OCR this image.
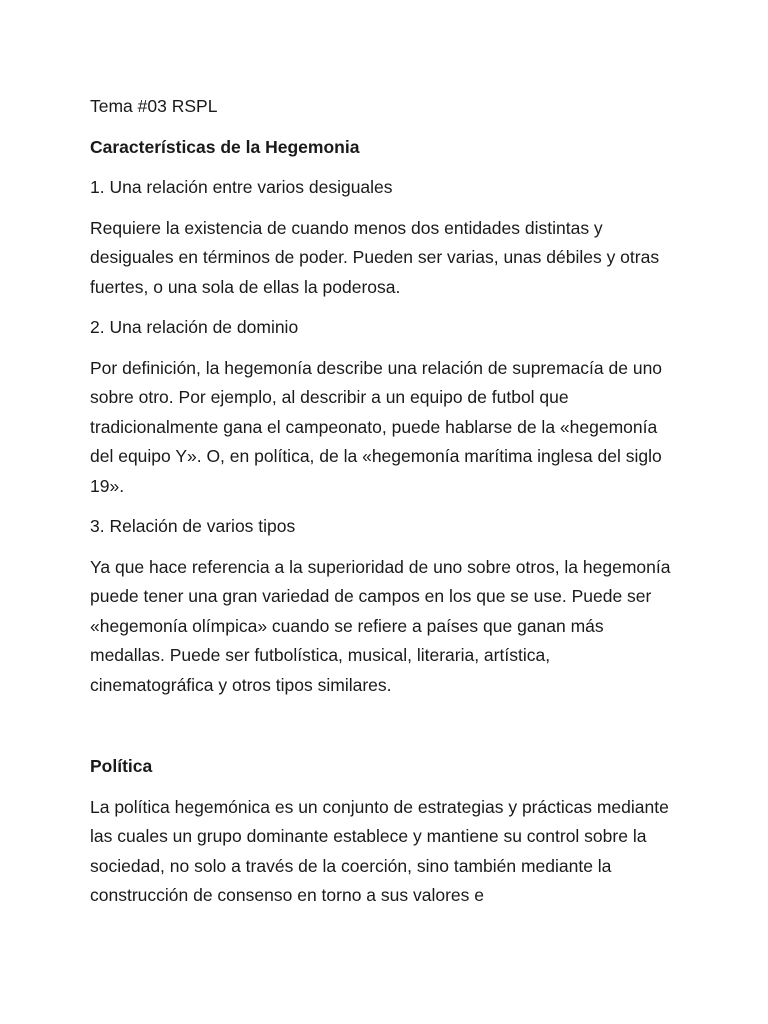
Tema #03 RSPL
Características de la Hegemonia
1. Una relación entre varios desiguales
Requiere la existencia de cuando menos dos entidades distintas y desiguales en términos de poder. Pueden ser varias, unas débiles y otras fuertes, o una sola de ellas la poderosa.
2. Una relación de dominio
Por definición, la hegemonía describe una relación de supremacía de uno sobre otro. Por ejemplo, al describir a un equipo de futbol que tradicionalmente gana el campeonato, puede hablarse de la «hegemonía del equipo Y». O, en política, de la «hegemonía marítima inglesa del siglo 19».
3. Relación de varios tipos
Ya que hace referencia a la superioridad de uno sobre otros, la hegemonía puede tener una gran variedad de campos en los que se use. Puede ser «hegemonía olímpica» cuando se refiere a países que ganan más medallas. Puede ser futbolística, musical, literaria, artística, cinematográfica y otros tipos similares.
Política
La política hegemónica es un conjunto de estrategias y prácticas mediante las cuales un grupo dominante establece y mantiene su control sobre la sociedad, no solo a través de la coerción, sino también mediante la construcción de consenso en torno a sus valores e
